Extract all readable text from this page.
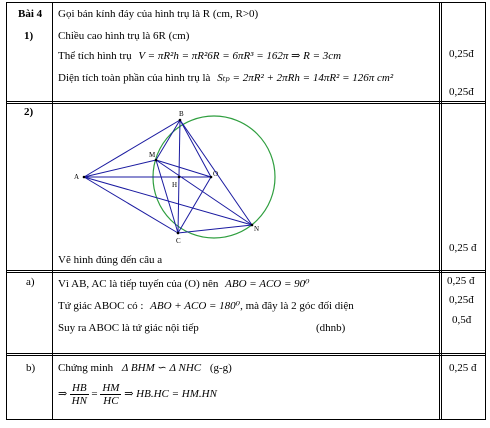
Bài 4
1)
Gọi bán kính đáy của hình trụ là R (cm, R>0)
Chiều cao hình trụ là 6R (cm)
Thể tích hình trụ V = πR²h = πR²6R = 6πR³ = 162π ⇒ R = 3cm
Diện tích toàn phần của hình trụ là Sₜₚ = 2πR² + 2πRh = 14πR² = 126π cm²
0,25đ
0,25đ
2)
A
B
C
M
H
O
N
Vẽ hình đúng đến câu a
0,25 đ
a) Vì AB, AC là tiếp tuyến của (O) nên ABO = ACO = 90⁰
Tứ giác ABOC có : ABO + ACO = 180⁰, mà đây là 2 góc đối diện
Suy ra ABOC là tứ giác nội tiếp	(dhnb)
0,25 đ
0,25đ
0,5đ
b) Chứng minh Δ BHM ∽ Δ NHC (g-g)
⇒ $\frac{HB}{HN} = \frac{HM}{HC}$ ⇒ HB.HC = HM.HN
0,25 đ
